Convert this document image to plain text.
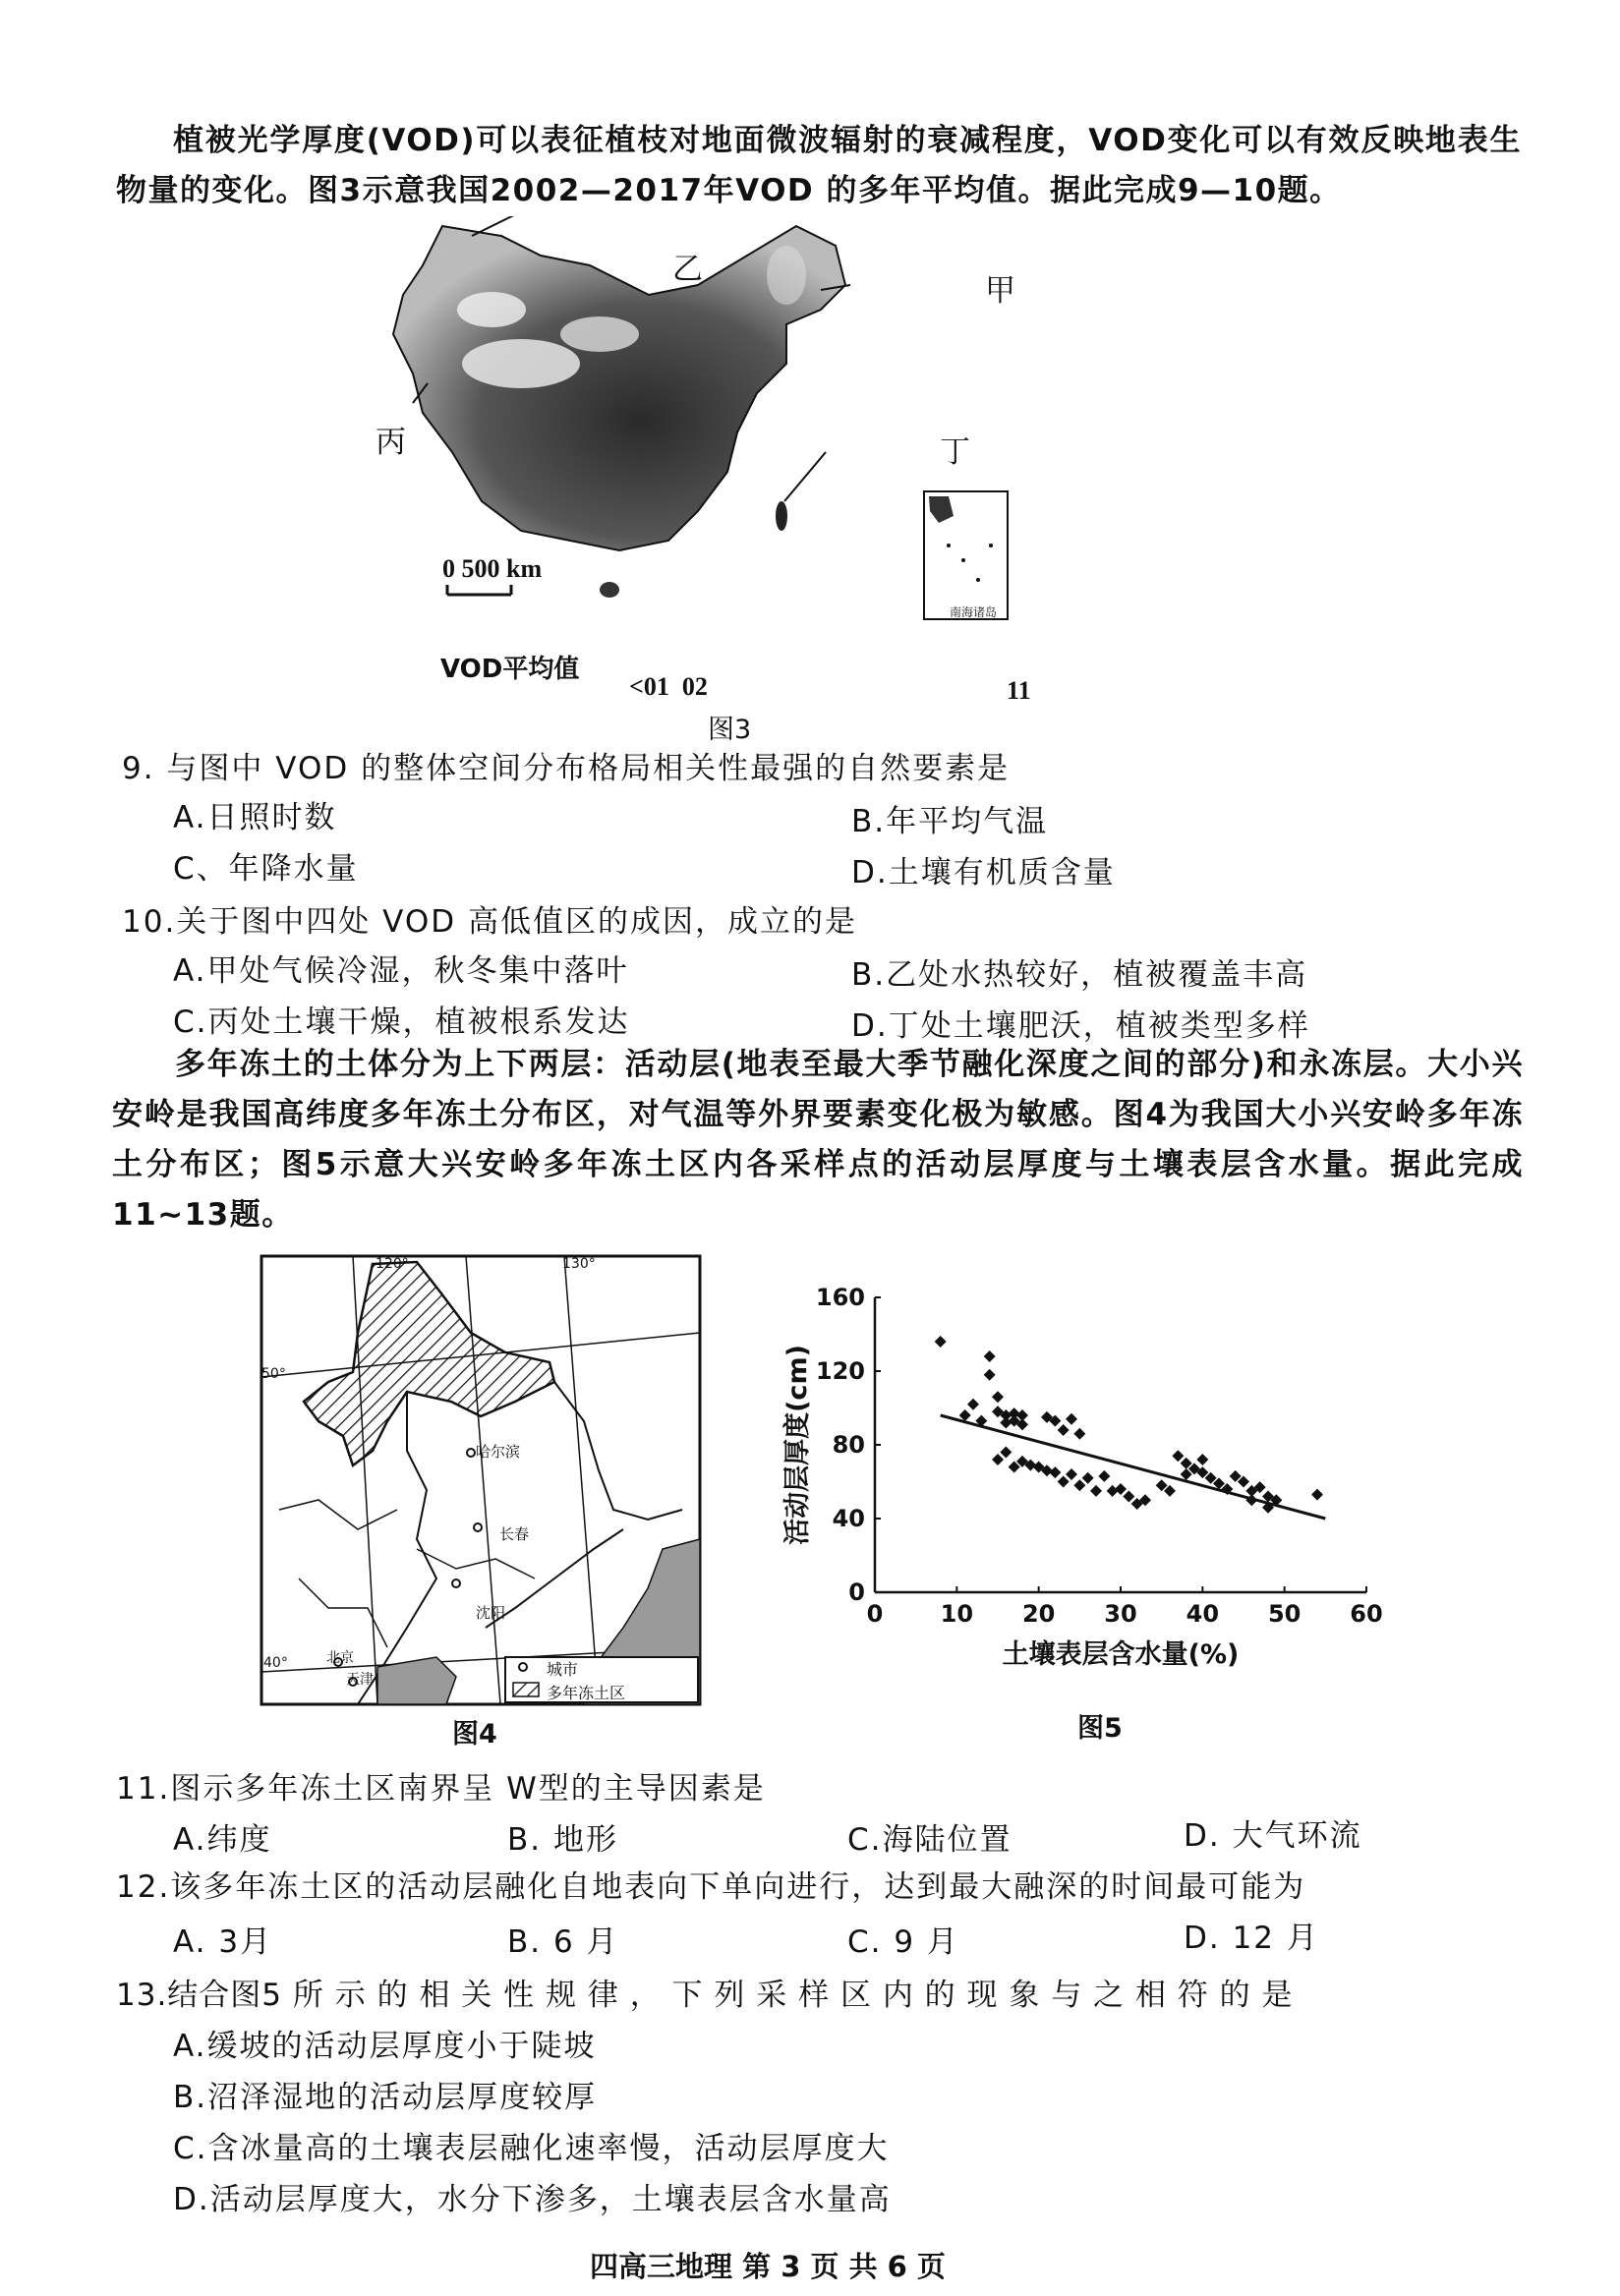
植被光学厚度(VOD)可以表征植枝对地面微波辐射的衰减程度，VOD变化可以有效反映地表生物量的变化。图3示意我国2002—2017年VOD 的多年平均值。据此完成9—10题。
乙
甲
丙	丁
0 500 km
南海诸岛
VOD平均值
<01  02	11
图3
9. 与图中 VOD 的整体空间分布格局相关性最强的自然要素是
A.日照时数	B.年平均气温
C、年降水量	D.土壤有机质含量
10.关于图中四处 VOD 高低值区的成因，成立的是
A.甲处气候冷湿，秋冬集中落叶	B.乙处水热较好，植被覆盖丰高
C.丙处土壤干燥，植被根系发达	D.丁处土壤肥沃，植被类型多样
多年冻土的土体分为上下两层：活动层(地表至最大季节融化深度之间的部分)和永冻层。大小兴安岭是我国高纬度多年冻土分布区，对气温等外界要素变化极为敏感。图4为我国大小兴安岭多年冻土分布区；图5示意大兴安岭多年冻土区内各采样点的活动层厚度与土壤表层含水量。据此完成11~13题。
120°	130°
50°
40°
哈尔滨
长春
沈阳
北京
天津
城市
多年冻土区
图4
0 10 20 30 40 50 60
0
40
80
120
160
土壤表层含水量(%)
活动层厚度(cm)
图5
11.图示多年冻土区南界呈 W型的主导因素是
A.纬度	B. 地形	C.海陆位置	D. 大气环流
12.该多年冻土区的活动层融化自地表向下单向进行，达到最大融深的时间最可能为
A. 3月	B. 6 月	C. 9 月	D. 12 月
13.结合图5 所 示 的 相 关 性 规 律 ， 下 列 采 样 区 内 的 现 象 与 之 相 符 的 是
A.缓坡的活动层厚度小于陡坡
B.沼泽湿地的活动层厚度较厚
C.含冰量高的土壤表层融化速率慢，活动层厚度大
D.活动层厚度大，水分下渗多，土壤表层含水量高
四高三地理 第 3 页 共 6 页
